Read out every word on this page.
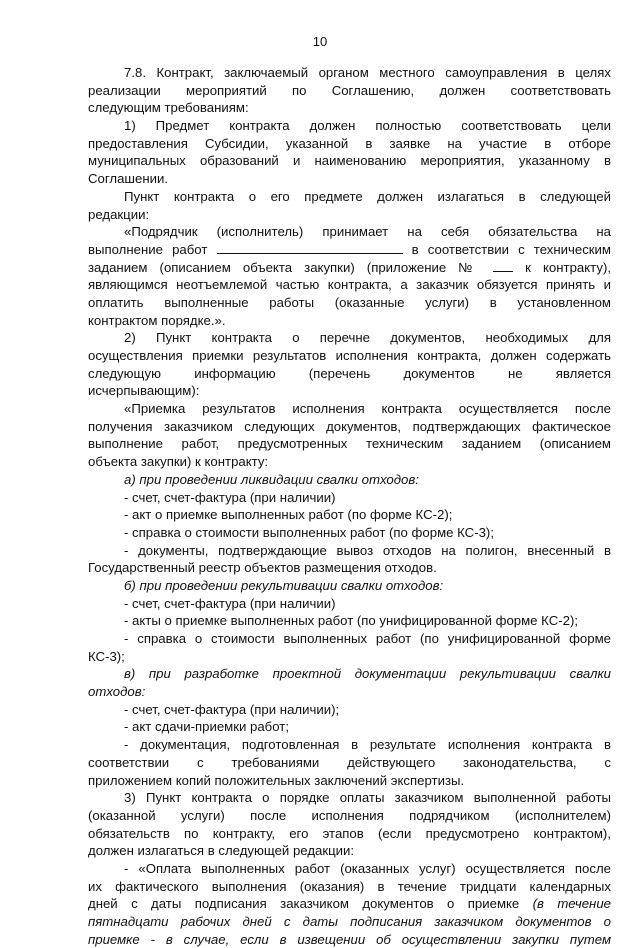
10
7.8. Контракт, заключаемый органом местного самоуправления в целях
реализации мероприятий по Соглашению, должен соответствовать
следующим требованиям:
1) Предмет контракта должен полностью соответствовать цели
предоставления Субсидии, указанной в заявке на участие в отборе
муниципальных образований и наименованию мероприятия, указанному в
Соглашении.
Пункт контракта о его предмете должен излагаться в следующей
редакции:
«Подрядчик (исполнитель) принимает на себя обязательства на
выполнение работ	в соответствии с техническим
заданием (описанием объекта закупки) (приложение №	к контракту),
являющимся неотъемлемой частью контракта, а заказчик обязуется принять и
оплатить выполненные работы (оказанные услуги) в установленном
контрактом порядке.».
2) Пункт контракта о перечне документов, необходимых для
осуществления приемки результатов исполнения контракта, должен содержать
следующую информацию (перечень документов не является
исчерпывающим):
«Приемка результатов исполнения контракта осуществляется после
получения заказчиком следующих документов, подтверждающих фактическое
выполнение работ, предусмотренных техническим заданием (описанием
объекта закупки) к контракту:
а) при проведении ликвидации свалки отходов:
- счет, счет-фактура (при наличии)
- акт о приемке выполненных работ (по форме КС-2);
- справка о стоимости выполненных работ (по форме КС-3);
- документы, подтверждающие вывоз отходов на полигон, внесенный в
Государственный реестр объектов размещения отходов.
б) при проведении рекультивации свалки отходов:
- счет, счет-фактура (при наличии)
- акты о приемке выполненных работ (по унифицированной форме КС-2);
- справка о стоимости выполненных работ (по унифицированной форме
КС-3);
в) при разработке проектной документации рекультивации свалки
отходов:
- счет, счет-фактура (при наличии);
- акт сдачи-приемки работ;
- документация, подготовленная в результате исполнения контракта в
соответствии с требованиями действующего законодательства, с
приложением копий положительных заключений экспертизы.
3) Пункт контракта о порядке оплаты заказчиком выполненной работы
(оказанной услуги) после исполнения подрядчиком (исполнителем)
обязательств по контракту, его этапов (если предусмотрено контрактом),
должен излагаться в следующей редакции:
- «Оплата выполненных работ (оказанных услуг) осуществляется после
их фактического выполнения (оказания) в течение тридцати календарных
дней с даты подписания заказчиком документов о приемке (в течение
пятнадцати рабочих дней с даты подписания заказчиком документов о
приемке - в случае, если в извещении об осуществлении закупки путем
